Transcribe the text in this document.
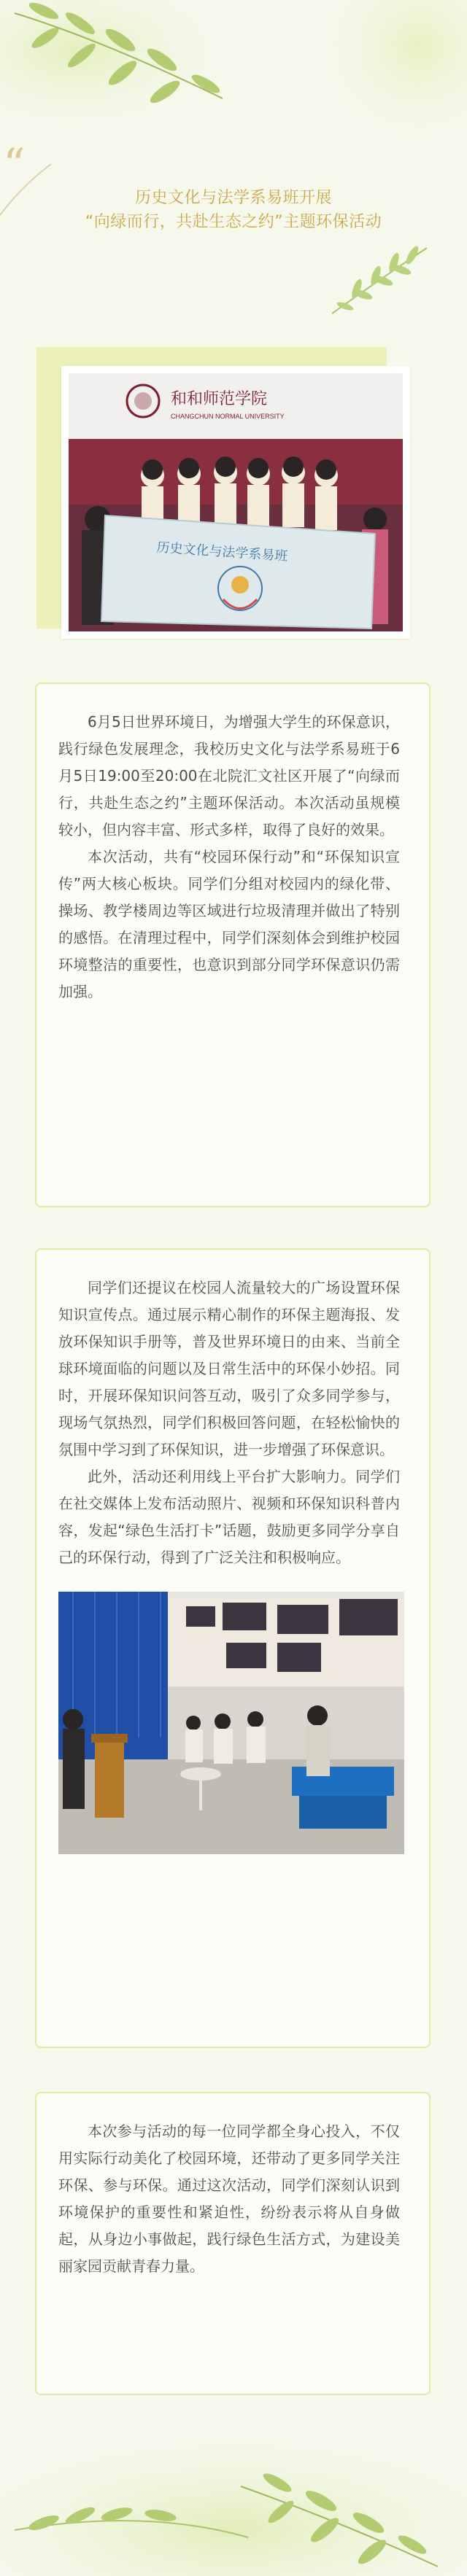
“
历史文化与法学系易班开展
“向绿而行，共赴生态之约”主题环保活动
和和师范学院
CHANGCHUN NORMAL UNIVERSITY
历史文化与法学系易班

6月5日世界环境日，为增强大学生的环保意识，践行绿色发展理念，我校历史文化与法学系易班于6月5日19:00至20:00在北院汇文社区开展了“向绿而行，共赴生态之约”主题环保活动。本次活动虽规模较小，但内容丰富、形式多样，取得了良好的效果。

本次活动，共有“校园环保行动”和“环保知识宣传”两大核心板块。同学们分组对校园内的绿化带、操场、教学楼周边等区域进行垃圾清理并做出了特别的感悟。在清理过程中，同学们深刻体会到维护校园环境整洁的重要性，也意识到部分同学环保意识仍需加强。

同学们还提议在校园人流量较大的广场设置环保知识宣传点。通过展示精心制作的环保主题海报、发放环保知识手册等，普及世界环境日的由来、当前全球环境面临的问题以及日常生活中的环保小妙招。同时，开展环保知识问答互动，吸引了众多同学参与，现场气氛热烈，同学们积极回答问题，在轻松愉快的氛围中学习到了环保知识，进一步增强了环保意识。

此外，活动还利用线上平台扩大影响力。同学们在社交媒体上发布活动照片、视频和环保知识科普内容，发起“绿色生活打卡”话题，鼓励更多同学分享自己的环保行动，得到了广泛关注和积极响应。

本次参与活动的每一位同学都全身心投入，不仅用实际行动美化了校园环境，还带动了更多同学关注环保、参与环保。通过这次活动，同学们深刻认识到环境保护的重要性和紧迫性，纷纷表示将从自身做起，从身边小事做起，践行绿色生活方式，为建设美丽家园贡献青春力量。
